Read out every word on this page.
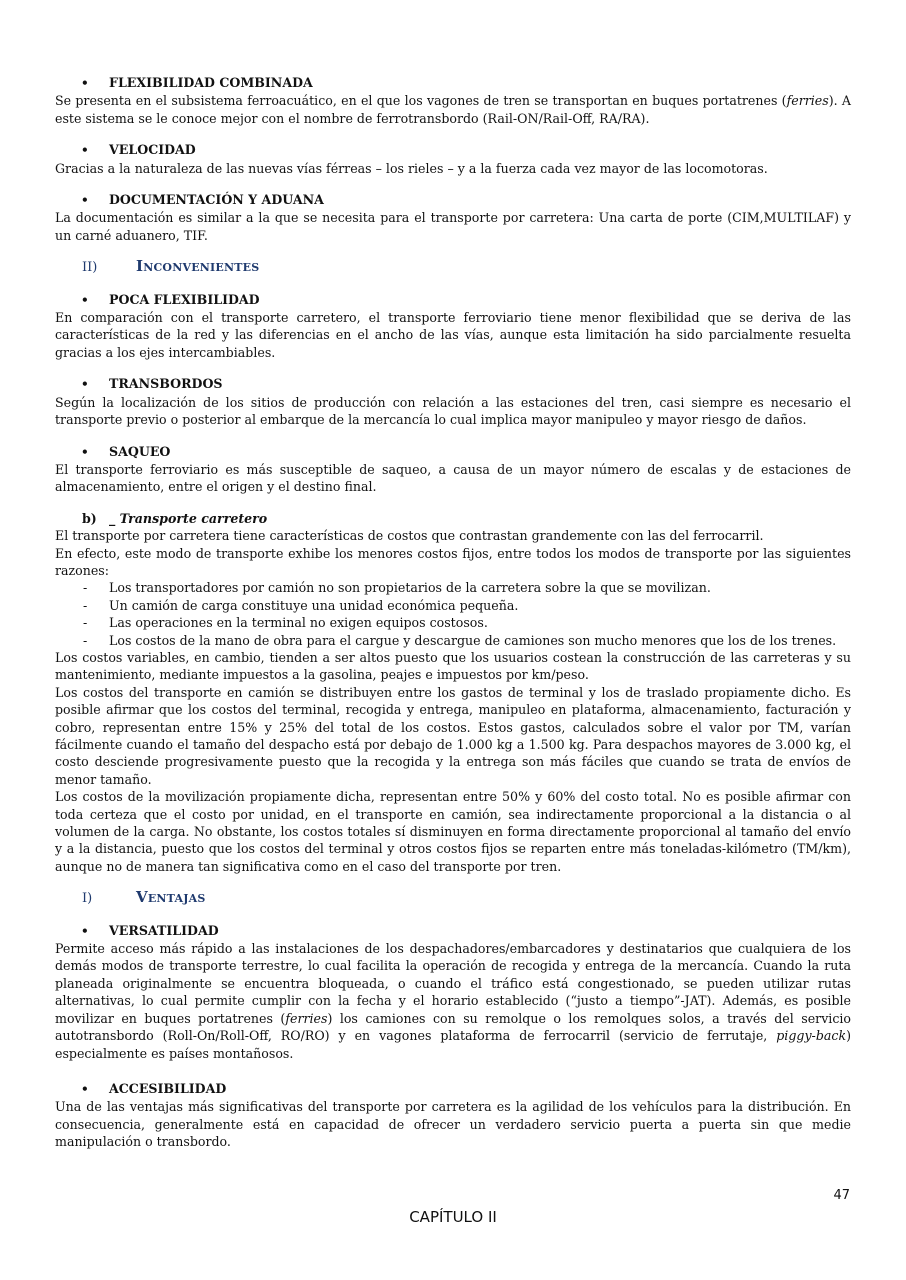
•	FLEXIBILIDAD COMBINADA

Se presenta en el subsistema ferroacuático, en el que los vagones de tren se transportan en buques portatrenes (ferries). A este sistema se le conoce mejor con el nombre de ferrotransbordo (Rail-ON/Rail-Off, RA/RA).

•	VELOCIDAD

Gracias a la naturaleza de las nuevas vías férreas – los rieles – y a la fuerza cada vez mayor de las locomotoras.

•	DOCUMENTACIÓN Y ADUANA

La documentación es similar a la que se necesita para el transporte por carretera: Una carta de porte (CIM,MULTILAF) y un carné aduanero, TIF.

II)	Inconvenientes
•	POCA FLEXIBILIDAD

En comparación con el transporte carretero, el transporte ferroviario tiene menor flexibilidad que se deriva de las características de la red y las diferencias en el ancho de las vías, aunque esta limitación ha sido parcialmente resuelta gracias a los ejes intercambiables.

•	TRANSBORDOS

Según la localización de los sitios de producción con relación a las estaciones del tren, casi siempre es necesario el transporte previo o posterior al embarque de la mercancía lo cual implica mayor manipuleo y mayor riesgo de daños.

•	SAQUEO

El transporte ferroviario es más susceptible de saqueo, a causa de un mayor número de escalas y de estaciones de almacenamiento, entre el origen y el destino final.

b) _ Transporte carretero

El transporte por carretera tiene características de costos que contrastan grandemente con las del ferrocarril.

En efecto, este modo de transporte exhibe los menores costos fijos, entre todos los modos de transporte por las siguientes razones:

-	Los transportadores por camión no son propietarios de la carretera sobre la que se movilizan.
-	Un camión de carga constituye una unidad económica pequeña.
-	Las operaciones en la terminal no exigen equipos costosos.
-	Los costos de la mano de obra para el cargue y descargue de camiones son mucho menores que los de los trenes.

Los costos variables, en cambio, tienden a ser altos puesto que los usuarios costean la construcción de las carreteras y su mantenimiento, mediante impuestos a la gasolina, peajes e impuestos por km/peso.

Los costos del transporte en camión se distribuyen entre los gastos de terminal y los de traslado propiamente dicho. Es posible afirmar que los costos del terminal, recogida y entrega, manipuleo en plataforma, almacenamiento, facturación y cobro, representan entre 15% y 25% del total de los costos. Estos gastos, calculados sobre el valor por TM, varían fácilmente cuando el tamaño del despacho está por debajo de 1.000 kg a 1.500 kg. Para despachos mayores de 3.000 kg, el costo desciende progresivamente puesto que la recogida y la entrega son más fáciles que cuando se trata de envíos de menor tamaño.

Los costos de la movilización propiamente dicha, representan entre 50% y 60% del costo total. No es posible afirmar con toda certeza que el costo por unidad, en el transporte en camión, sea indirectamente proporcional a la distancia o al volumen de la carga. No obstante, los costos totales sí disminuyen en forma directamente proporcional al tamaño del envío y a la distancia, puesto que los costos del terminal y otros costos fijos se reparten entre más toneladas-kilómetro (TM/km), aunque no de manera tan significativa como en el caso del transporte por tren.

I)	Ventajas
•	VERSATILIDAD

Permite acceso más rápido a las instalaciones de los despachadores/embarcadores y destinatarios que cualquiera de los demás modos de transporte terrestre, lo cual facilita la operación de recogida y entrega de la mercancía. Cuando la ruta planeada originalmente se encuentra bloqueada, o cuando el tráfico está congestionado, se pueden utilizar rutas alternativas, lo cual permite cumplir con la fecha y el horario establecido (“justo a tiempo”-JAT). Además, es posible movilizar en buques portatrenes (ferries) los camiones con su remolque o los remolques solos, a través del servicio autotransbordo (Roll-On/Roll-Off, RO/RO) y en vagones plataforma de ferrocarril (servicio de ferrutaje, piggy-back) especialmente es países montañosos.

•	ACCESIBILIDAD

Una de las ventajas más significativas del transporte por carretera es la agilidad de los vehículos para la distribución. En consecuencia, generalmente está en capacidad de ofrecer un verdadero servicio puerta a puerta sin que medie manipulación o transbordo.

47
CAPÍTULO II
